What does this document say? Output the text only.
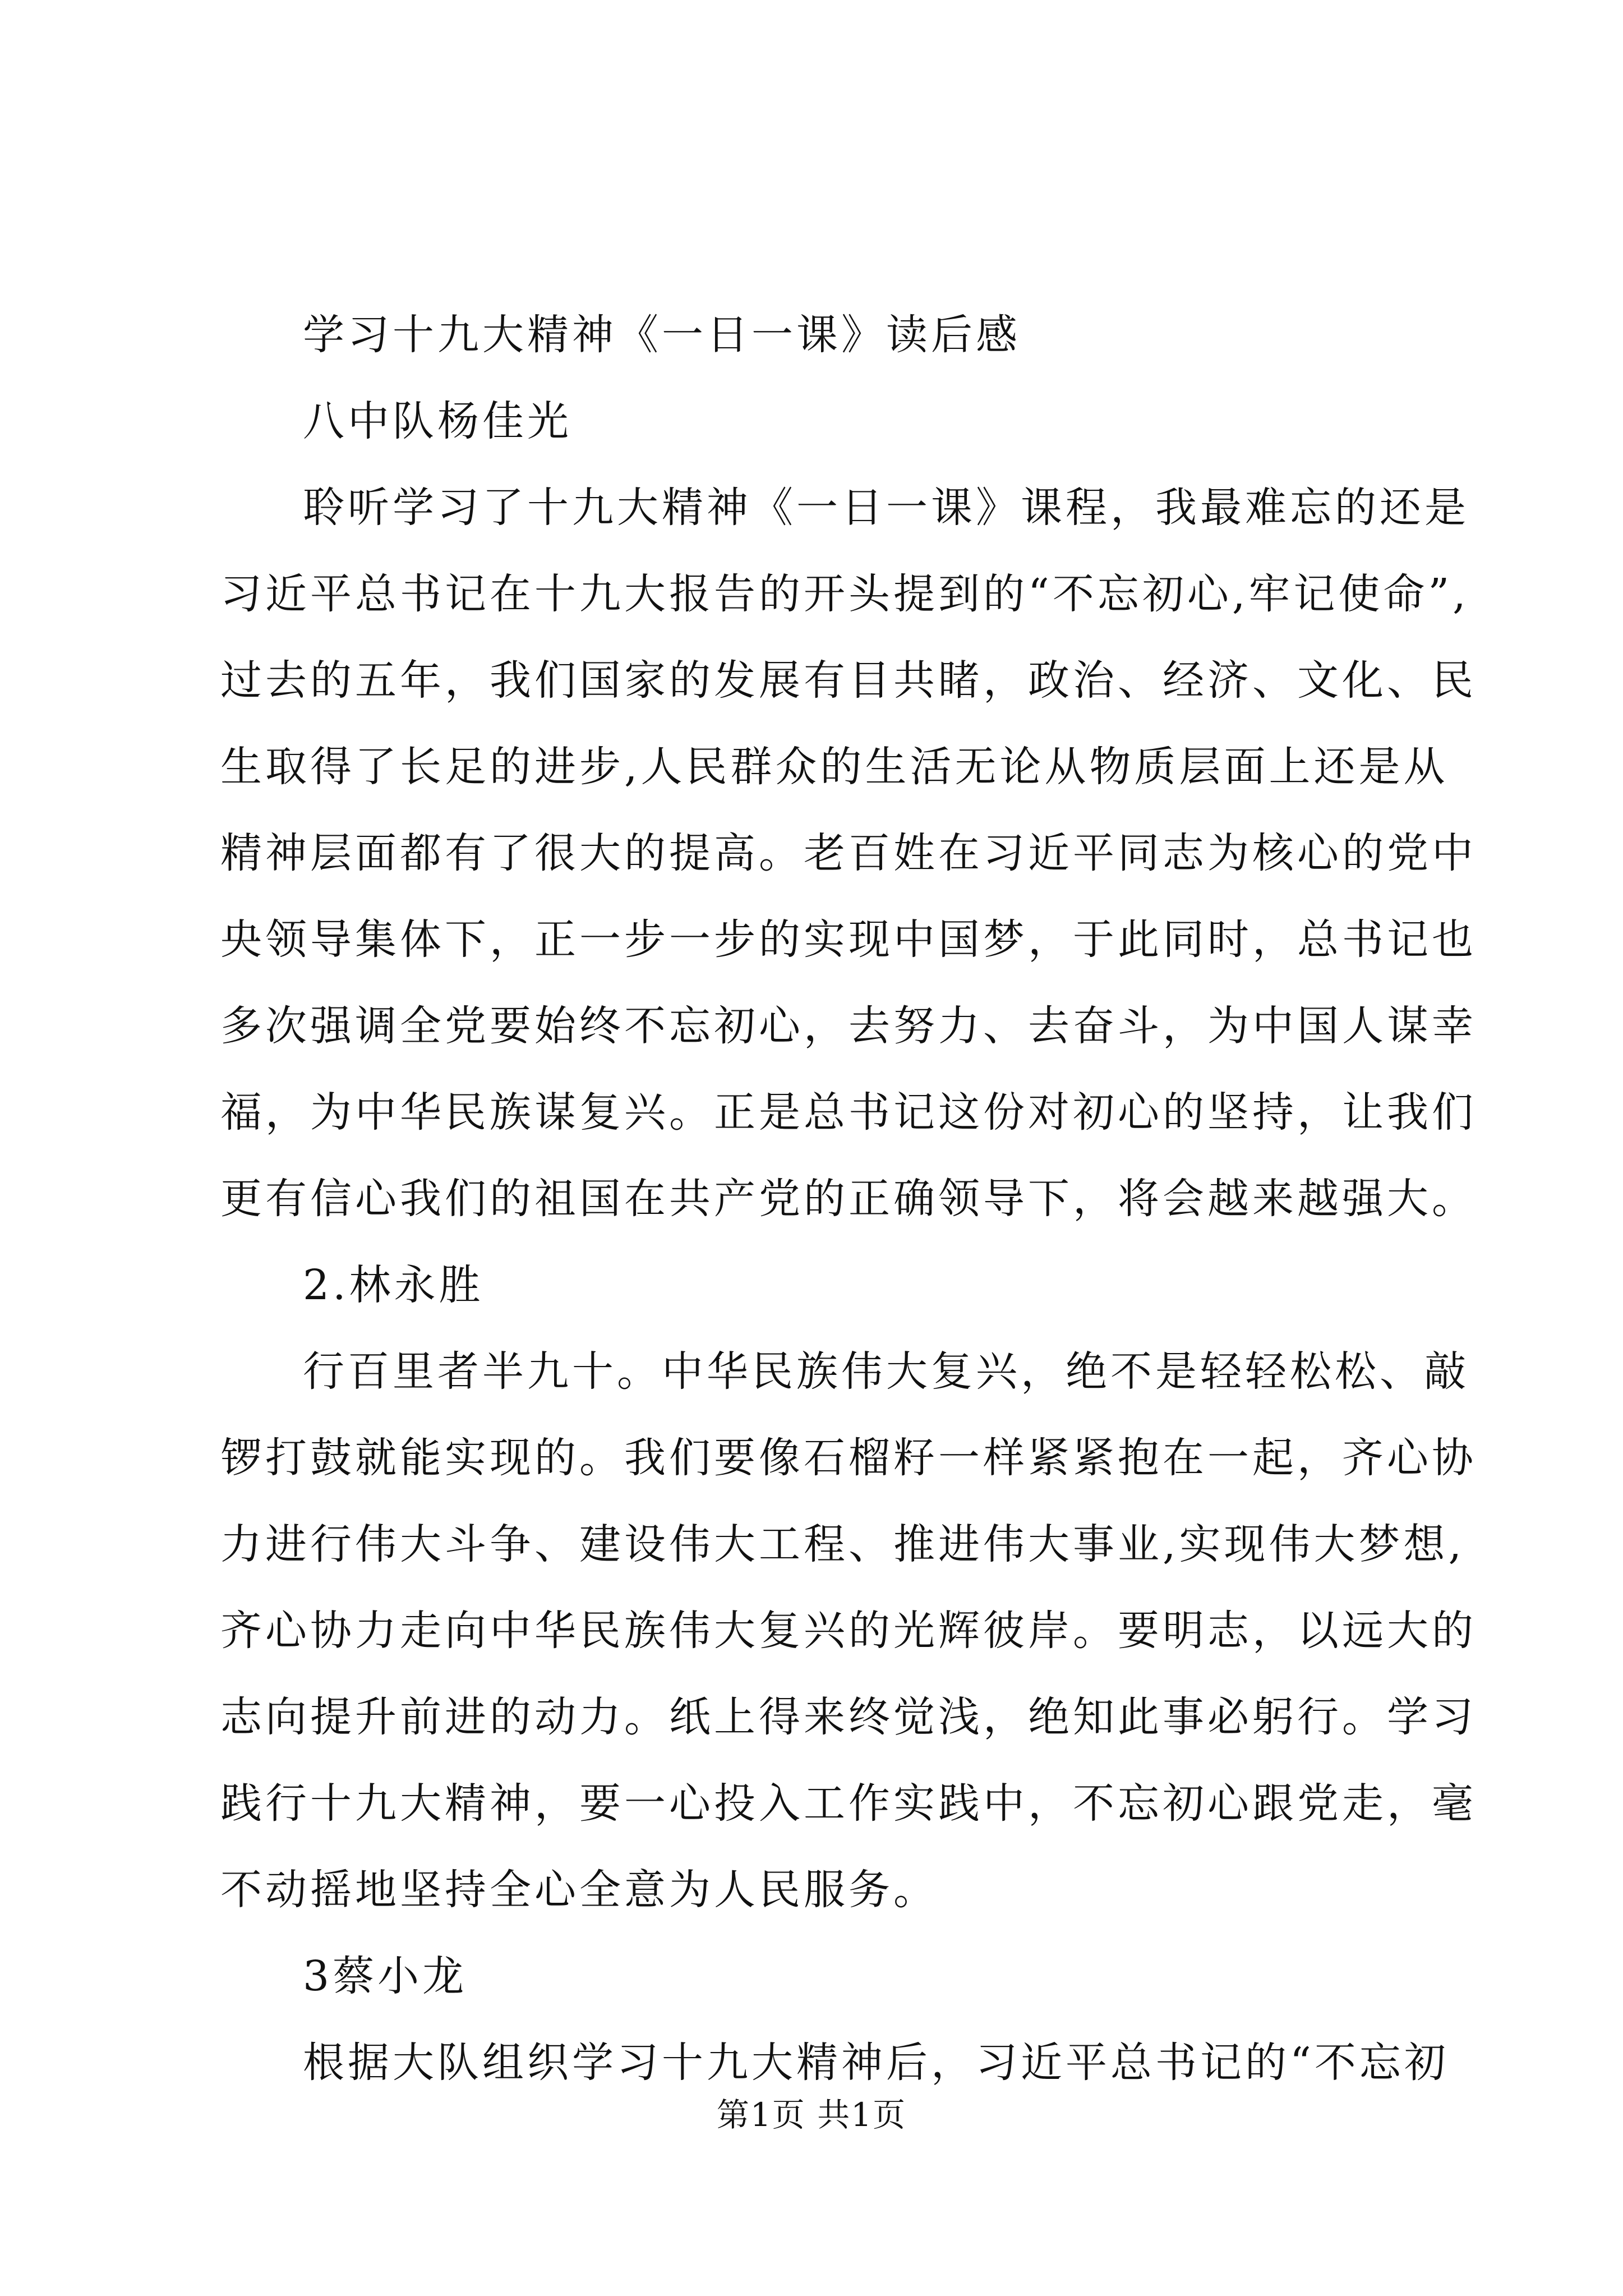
学习十九大精神《一日一课》读后感
八中队杨佳光
聆听学习了十九大精神《一日一课》课程，我最难忘的还是
习近平总书记在十九大报告的开头提到的“不忘初心,牢记使命”,
过去的五年，我们国家的发展有目共睹，政治、经济、文化、民
生取得了长足的进步,人民群众的生活无论从物质层面上还是从
精神层面都有了很大的提高。老百姓在习近平同志为核心的党中
央领导集体下，正一步一步的实现中国梦，于此同时，总书记也
多次强调全党要始终不忘初心，去努力、去奋斗，为中国人谋幸
福，为中华民族谋复兴。正是总书记这份对初心的坚持，让我们
更有信心我们的祖国在共产党的正确领导下，将会越来越强大。
2.林永胜
行百里者半九十。中华民族伟大复兴，绝不是轻轻松松、敲
锣打鼓就能实现的。我们要像石榴籽一样紧紧抱在一起，齐心协
力进行伟大斗争、建设伟大工程、推进伟大事业,实现伟大梦想,
齐心协力走向中华民族伟大复兴的光辉彼岸。要明志，以远大的
志向提升前进的动力。纸上得来终觉浅，绝知此事必躬行。学习
践行十九大精神，要一心投入工作实践中，不忘初心跟党走，毫
不动摇地坚持全心全意为人民服务。
3蔡小龙
根据大队组织学习十九大精神后，习近平总书记的“不忘初
第1页 共1页
